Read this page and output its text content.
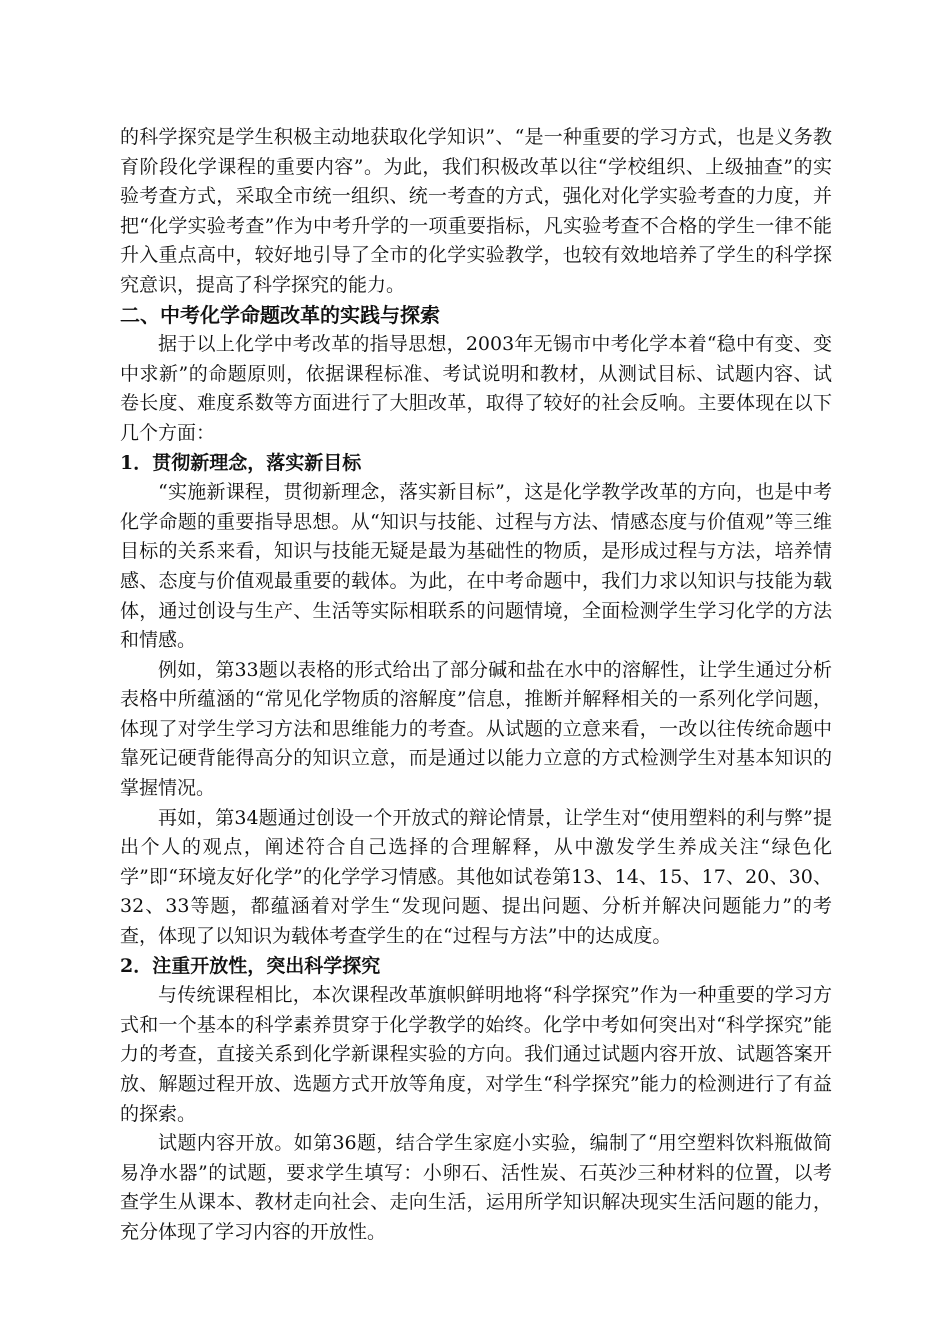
的科学探究是学生积极主动地获取化学知识”、“是一种重要的学习方式，也是义务教育阶段化学课程的重要内容”。为此，我们积极改革以往“学校组织、上级抽查”的实验考查方式，采取全市统一组织、统一考查的方式，强化对化学实验考查的力度，并把“化学实验考查”作为中考升学的一项重要指标，凡实验考查不合格的学生一律不能升入重点高中，较好地引导了全市的化学实验教学，也较有效地培养了学生的科学探究意识，提高了科学探究的能力。

二、中考化学命题改革的实践与探索

据于以上化学中考改革的指导思想，2003年无锡市中考化学本着“稳中有变、变中求新”的命题原则，依据课程标准、考试说明和教材，从测试目标、试题内容、试卷长度、难度系数等方面进行了大胆改革，取得了较好的社会反响。主要体现在以下几个方面：

1．贯彻新理念，落实新目标

“实施新课程，贯彻新理念，落实新目标”，这是化学教学改革的方向，也是中考化学命题的重要指导思想。从“知识与技能、过程与方法、情感态度与价值观”等三维目标的关系来看，知识与技能无疑是最为基础性的物质，是形成过程与方法，培养情感、态度与价值观最重要的载体。为此，在中考命题中，我们力求以知识与技能为载体，通过创设与生产、生活等实际相联系的问题情境，全面检测学生学习化学的方法和情感。

例如，第33题以表格的形式给出了部分碱和盐在水中的溶解性，让学生通过分析表格中所蕴涵的“常见化学物质的溶解度”信息，推断并解释相关的一系列化学问题，体现了对学生学习方法和思维能力的考查。从试题的立意来看，一改以往传统命题中靠死记硬背能得高分的知识立意，而是通过以能力立意的方式检测学生对基本知识的掌握情况。

再如，第34题通过创设一个开放式的辩论情景，让学生对“使用塑料的利与弊”提出个人的观点，阐述符合自己选择的合理解释，从中激发学生养成关注“绿色化学”即“环境友好化学”的化学学习情感。其他如试卷第13、14、15、17、20、30、32、33等题，都蕴涵着对学生“发现问题、提出问题、分析并解决问题能力”的考查，体现了以知识为载体考查学生的在“过程与方法”中的达成度。

2．注重开放性，突出科学探究

与传统课程相比，本次课程改革旗帜鲜明地将“科学探究”作为一种重要的学习方式和一个基本的科学素养贯穿于化学教学的始终。化学中考如何突出对“科学探究”能力的考查，直接关系到化学新课程实验的方向。我们通过试题内容开放、试题答案开放、解题过程开放、选题方式开放等角度，对学生“科学探究”能力的检测进行了有益的探索。

试题内容开放。如第36题，结合学生家庭小实验，编制了“用空塑料饮料瓶做简易净水器”的试题，要求学生填写：小卵石、活性炭、石英沙三种材料的位置，以考查学生从课本、教材走向社会、走向生活，运用所学知识解决现实生活问题的能力，充分体现了学习内容的开放性。
